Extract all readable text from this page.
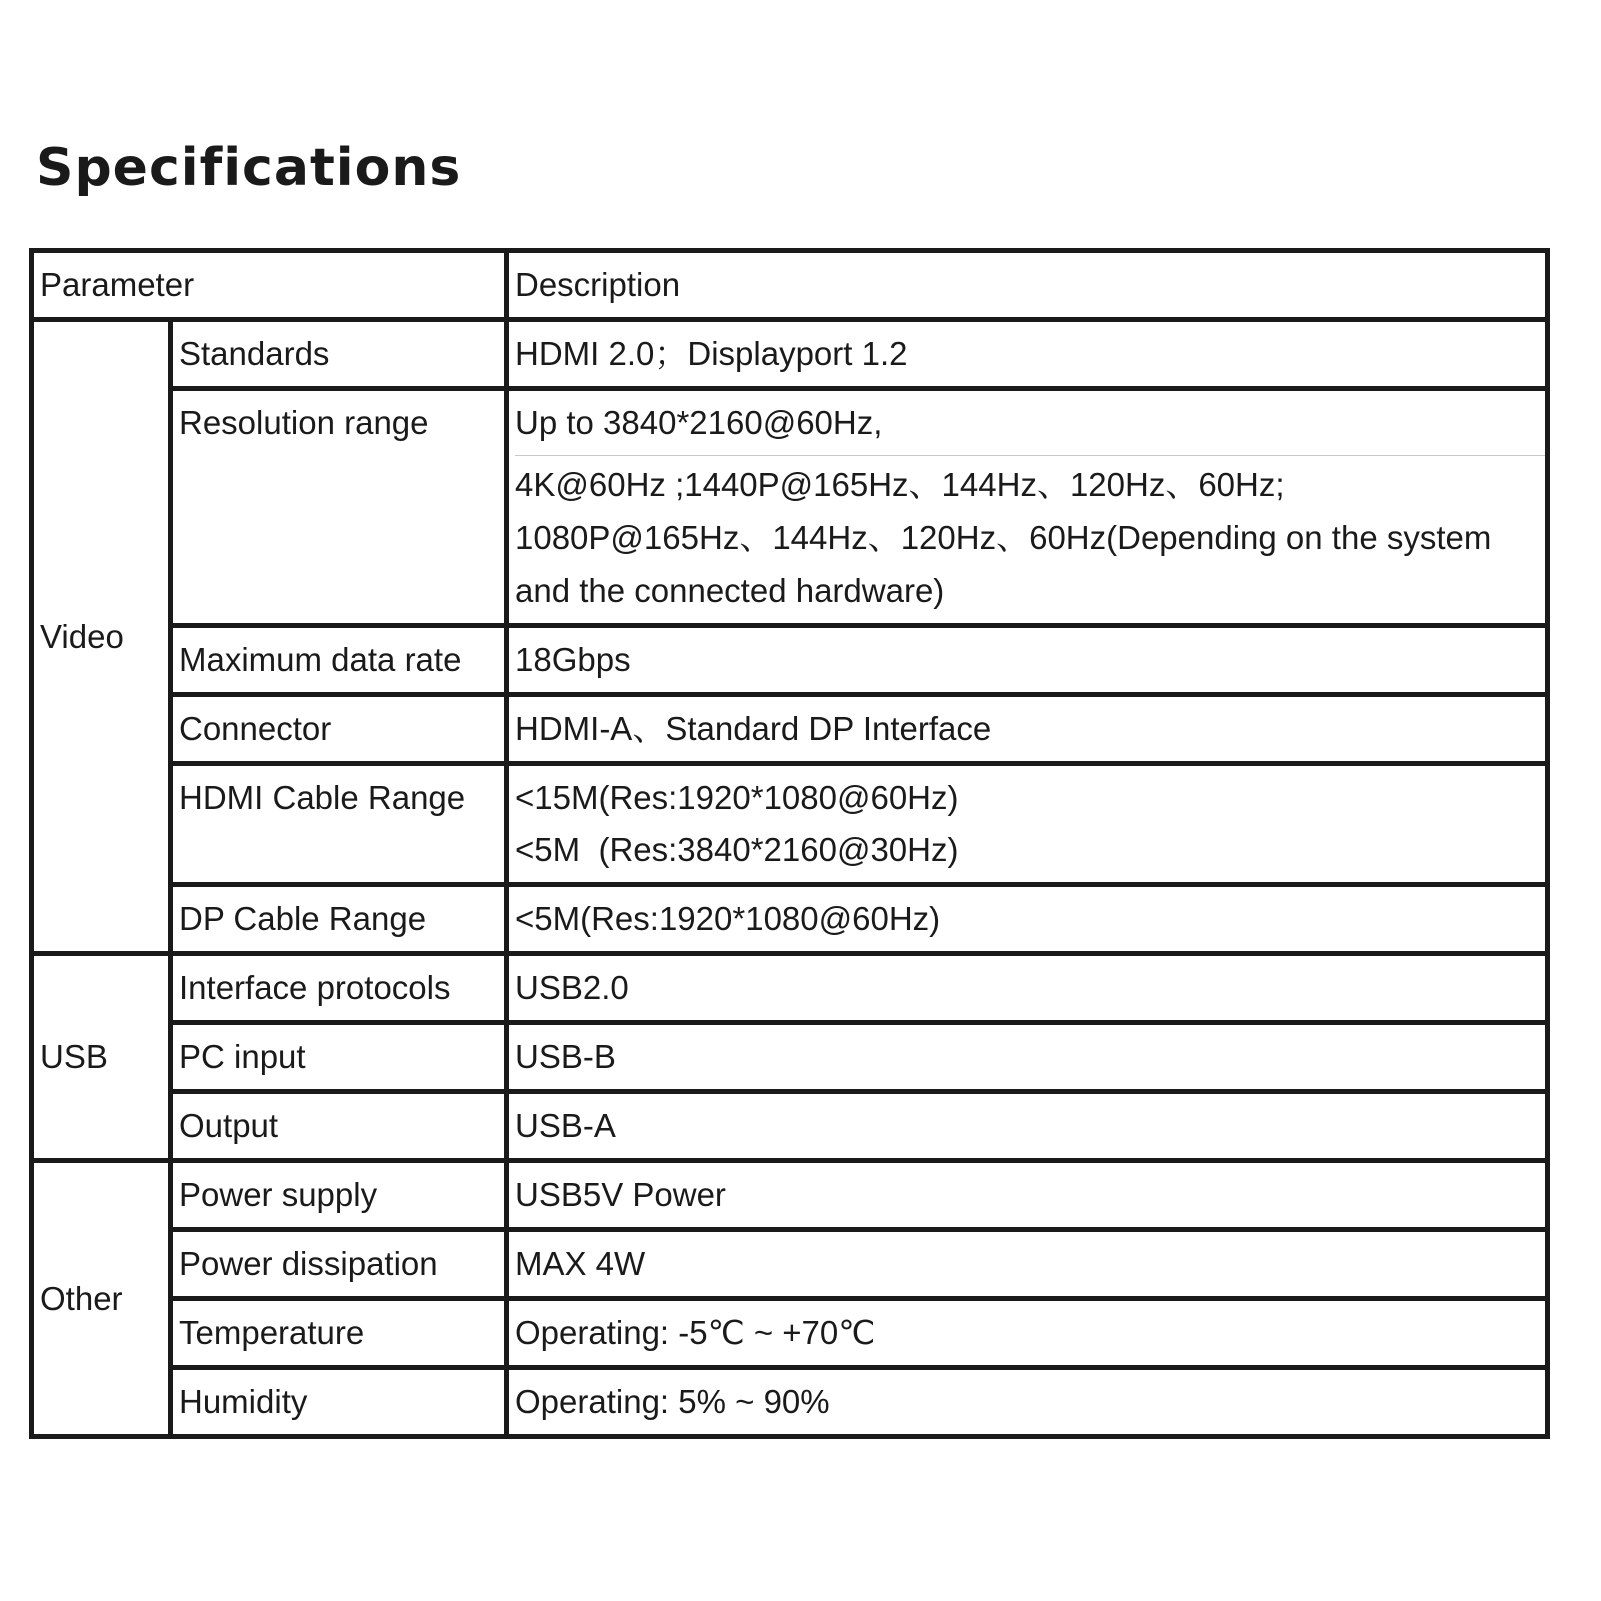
Specifications
Parameter		Description
Video	Standards	HDMI 2.0；Displayport 1.2
	Resolution range	Up to 3840*2160@60Hz,
4K@60Hz ;1440P@165Hz、144Hz、120Hz、60Hz; 1080P@165Hz、144Hz、120Hz、60Hz(Depending on the system and the connected hardware)

	Maximum data rate	18Gbps
	Connector	HDMI-A、Standard DP Interface
	HDMI Cable Range	<15M(Res:1920*1080@60Hz)
<5M  (Res:3840*2160@30Hz)

	DP Cable Range	<5M(Res:1920*1080@60Hz)
USB	Interface protocols	USB2.0
	PC input	USB-B
	Output	USB-A
Other	Power supply	USB5V Power
	Power dissipation	MAX 4W
	Temperature	Operating: -5℃ ~ +70℃
	Humidity	Operating: 5% ~ 90%
